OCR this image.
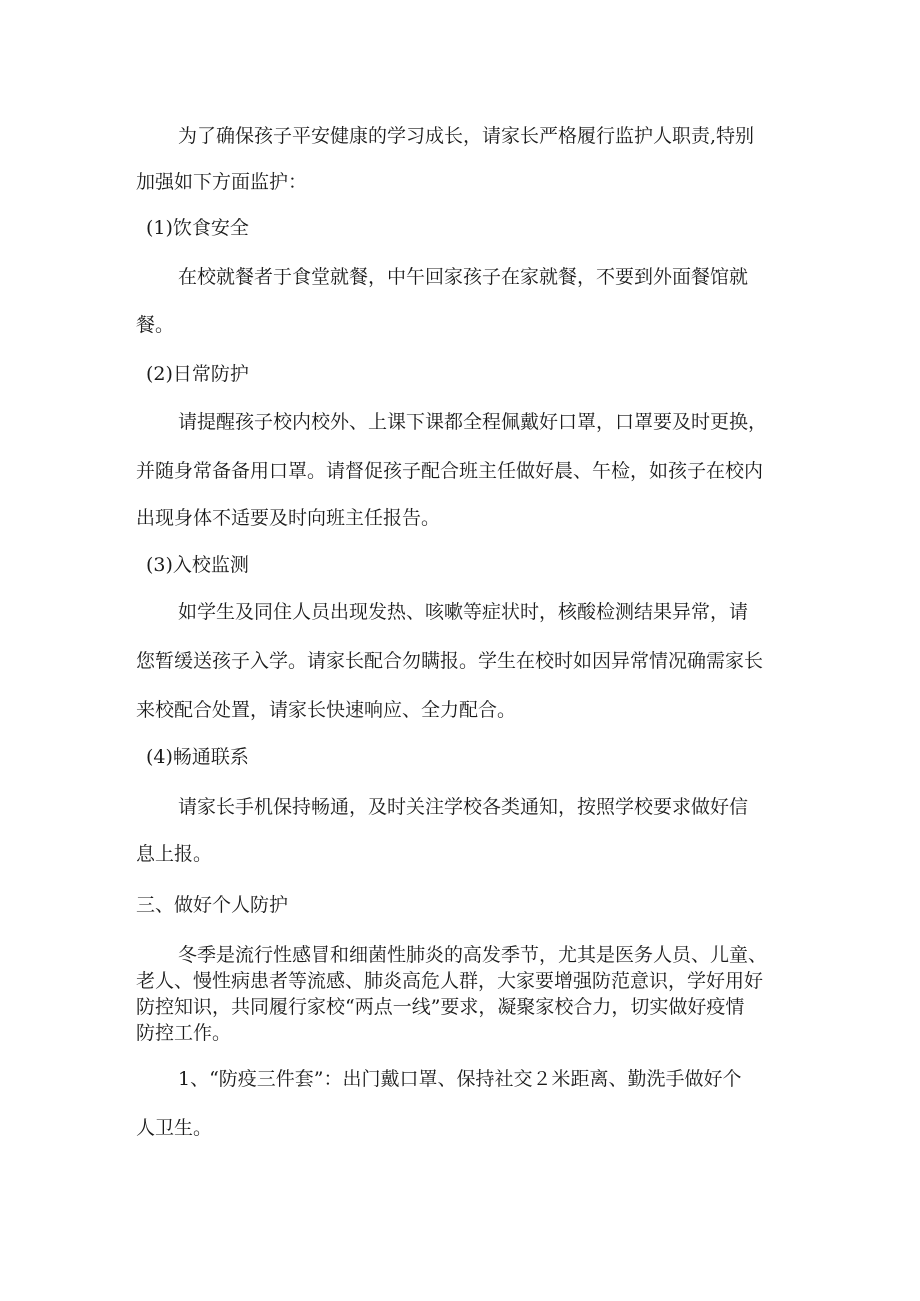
为了确保孩子平安健康的学习成长，请家长严格履行监护人职责,特别
加强如下方面监护：
(1)饮食安全
在校就餐者于食堂就餐，中午回家孩子在家就餐，不要到外面餐馆就
餐。
(2)日常防护
请提醒孩子校内校外、上课下课都全程佩戴好口罩，口罩要及时更换，
并随身常备备用口罩。请督促孩子配合班主任做好晨、午检，如孩子在校内
出现身体不适要及时向班主任报告。
(3)入校监测
如学生及同住人员出现发热、咳嗽等症状时，核酸检测结果异常，请
您暂缓送孩子入学。请家长配合勿瞒报。学生在校时如因异常情况确需家长
来校配合处置，请家长快速响应、全力配合。
(4)畅通联系
请家长手机保持畅通，及时关注学校各类通知，按照学校要求做好信
息上报。
三、做好个人防护
冬季是流行性感冒和细菌性肺炎的高发季节，尤其是医务人员、儿童、
老人、慢性病患者等流感、肺炎高危人群，大家要增强防范意识，学好用好
防控知识，共同履行家校“两点一线”要求，凝聚家校合力，切实做好疫情
防控工作。
1、“防疫三件套”：出门戴口罩、保持社交２米距离、勤洗手做好个
人卫生。
